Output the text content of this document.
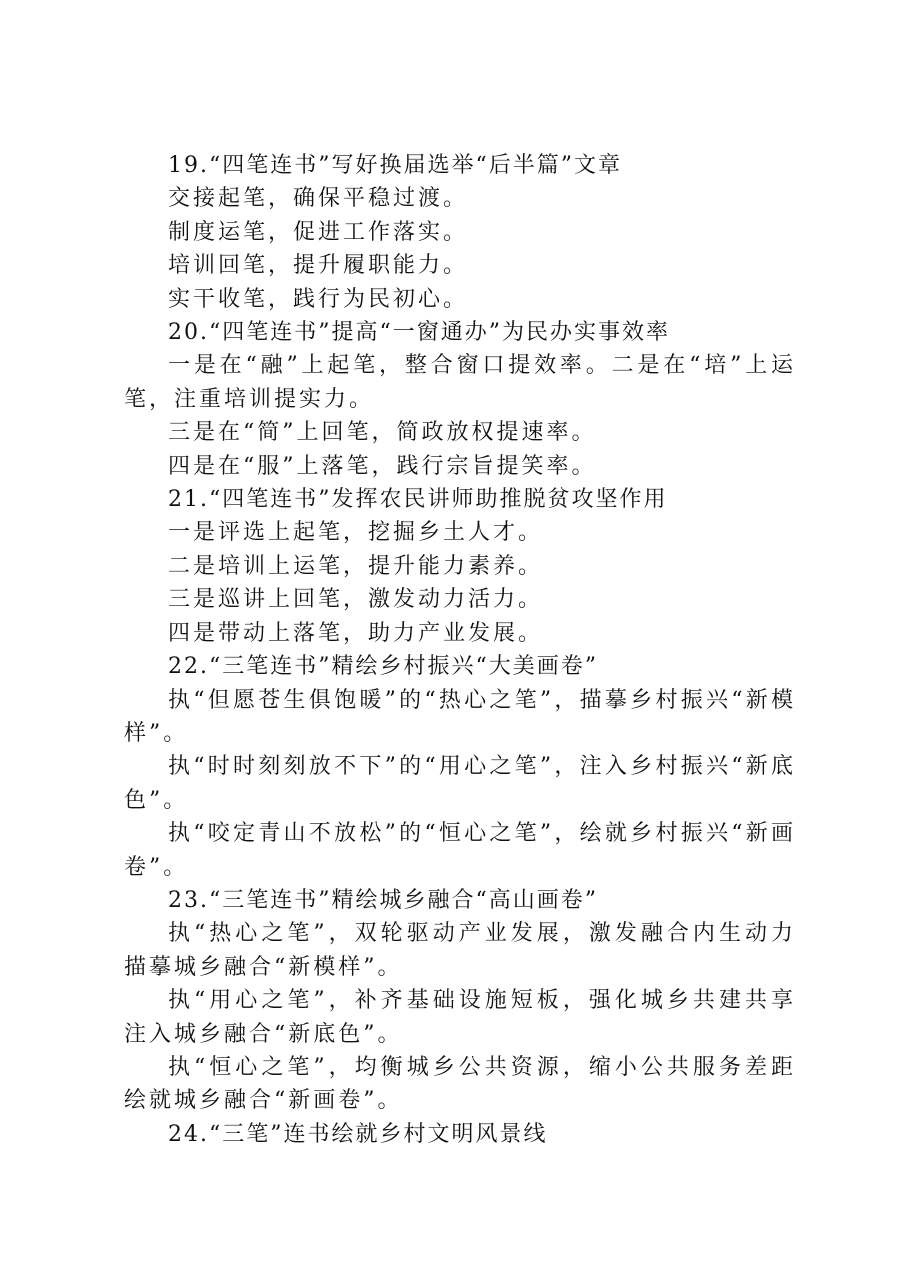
19.“四笔连书”写好换届选举“后半篇”文章

交接起笔，确保平稳过渡。

制度运笔，促进工作落实。

培训回笔，提升履职能力。

实干收笔，践行为民初心。

20.“四笔连书”提高“一窗通办”为民办实事效率

一是在“融”上起笔，整合窗口提效率。二是在“培”上运笔，注重培训提实力。

三是在“简”上回笔，简政放权提速率。

四是在“服”上落笔，践行宗旨提笑率。

21.“四笔连书”发挥农民讲师助推脱贫攻坚作用

一是评选上起笔，挖掘乡土人才。

二是培训上运笔，提升能力素养。

三是巡讲上回笔，激发动力活力。

四是带动上落笔，助力产业发展。

22.“三笔连书”精绘乡村振兴“大美画卷”

执“但愿苍生俱饱暖”的“热心之笔”，描摹乡村振兴“新模样”。

执“时时刻刻放不下”的“用心之笔”，注入乡村振兴“新底色”。

执“咬定青山不放松”的“恒心之笔”，绘就乡村振兴“新画卷”。

23.“三笔连书”精绘城乡融合“高山画卷”

执“热心之笔”，双轮驱动产业发展，激发融合内生动力描摹城乡融合“新模样”。

执“用心之笔”，补齐基础设施短板，强化城乡共建共享注入城乡融合“新底色”。

执“恒心之笔”，均衡城乡公共资源，缩小公共服务差距绘就城乡融合“新画卷”。

24.“三笔”连书绘就乡村文明风景线
